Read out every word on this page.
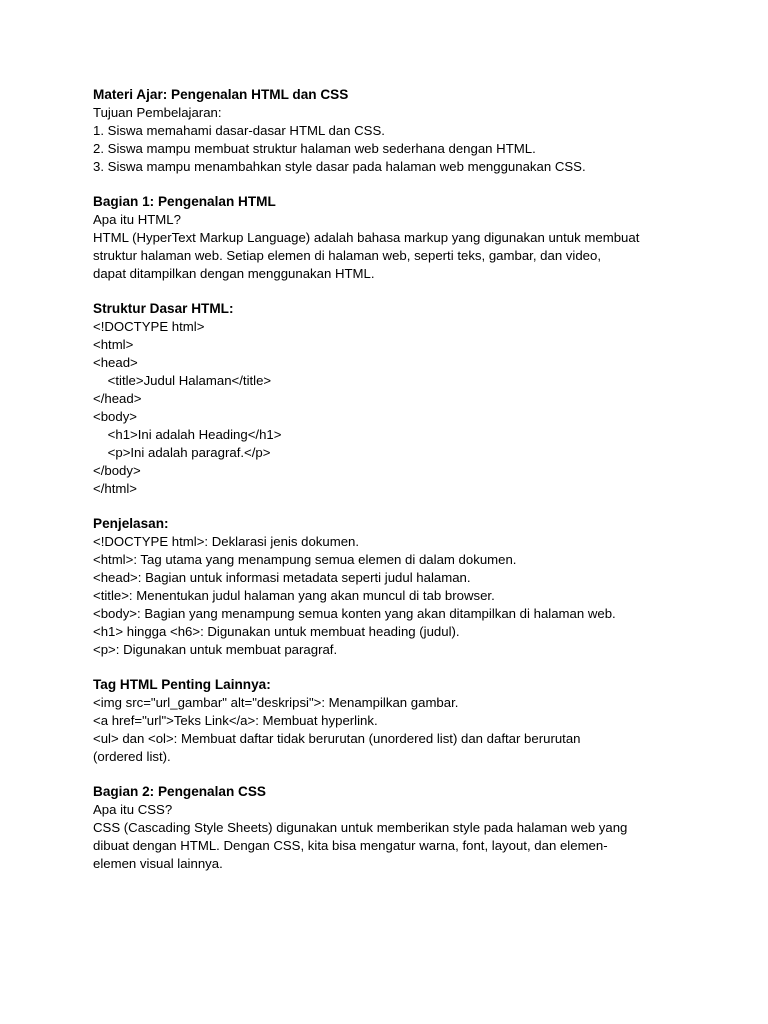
Materi Ajar: Pengenalan HTML dan CSS

Tujuan Pembelajaran:

1. Siswa memahami dasar-dasar HTML dan CSS.

2. Siswa mampu membuat struktur halaman web sederhana dengan HTML.

3. Siswa mampu menambahkan style dasar pada halaman web menggunakan CSS.

Bagian 1: Pengenalan HTML

Apa itu HTML?

HTML (HyperText Markup Language) adalah bahasa markup yang digunakan untuk membuat

struktur halaman web. Setiap elemen di halaman web, seperti teks, gambar, dan video,

dapat ditampilkan dengan menggunakan HTML.

Struktur Dasar HTML:

<!DOCTYPE html>

<html>

<head>

<title>Judul Halaman</title>

</head>

<body>

<h1>Ini adalah Heading</h1>

<p>Ini adalah paragraf.</p>

</body>

</html>

Penjelasan:

<!DOCTYPE html>: Deklarasi jenis dokumen.

<html>: Tag utama yang menampung semua elemen di dalam dokumen.

<head>: Bagian untuk informasi metadata seperti judul halaman.

<title>: Menentukan judul halaman yang akan muncul di tab browser.

<body>: Bagian yang menampung semua konten yang akan ditampilkan di halaman web.

<h1> hingga <h6>: Digunakan untuk membuat heading (judul).

<p>: Digunakan untuk membuat paragraf.

Tag HTML Penting Lainnya:

<img src="url_gambar" alt="deskripsi">: Menampilkan gambar.

<a href="url">Teks Link</a>: Membuat hyperlink.

<ul> dan <ol>: Membuat daftar tidak berurutan (unordered list) dan daftar berurutan

(ordered list).

Bagian 2: Pengenalan CSS

Apa itu CSS?

CSS (Cascading Style Sheets) digunakan untuk memberikan style pada halaman web yang

dibuat dengan HTML. Dengan CSS, kita bisa mengatur warna, font, layout, dan elemen-

elemen visual lainnya.
